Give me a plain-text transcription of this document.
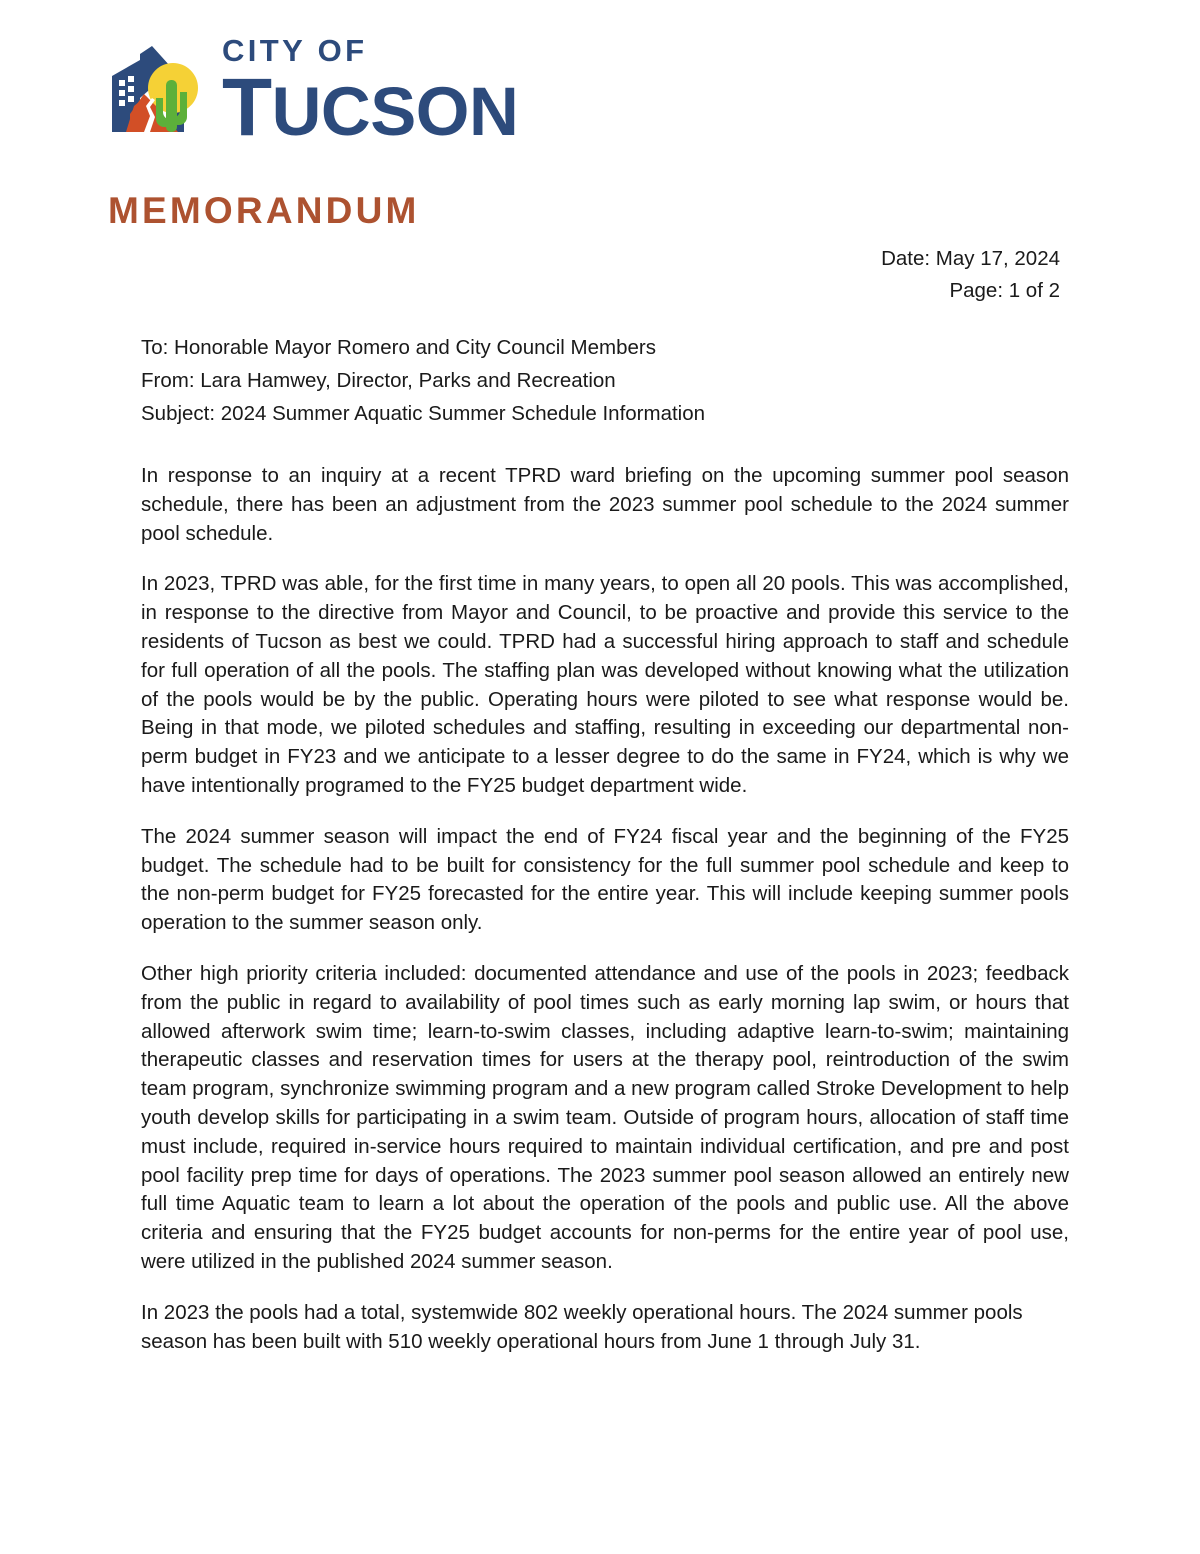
CITY OF
TUCSON
MEMORANDUM
Date: May 17, 2024
Page: 1 of 2
To: Honorable Mayor Romero and City Council Members
From: Lara Hamwey, Director, Parks and Recreation
Subject: 2024 Summer Aquatic Summer Schedule Information

In response to an inquiry at a recent TPRD ward briefing on the upcoming summer pool season schedule, there has been an adjustment from the 2023 summer pool schedule to the 2024 summer pool schedule.

In 2023, TPRD was able, for the first time in many years, to open all 20 pools. This was accomplished, in response to the directive from Mayor and Council, to be proactive and provide this service to the residents of Tucson as best we could. TPRD had a successful hiring approach to staff and schedule for full operation of all the pools. The staffing plan was developed without knowing what the utilization of the pools would be by the public. Operating hours were piloted to see what response would be. Being in that mode, we piloted schedules and staffing, resulting in exceeding our departmental non-perm budget in FY23 and we anticipate to a lesser degree to do the same in FY24, which is why we have intentionally programed to the FY25 budget department wide.

The 2024 summer season will impact the end of FY24 fiscal year and the beginning of the FY25 budget. The schedule had to be built for consistency for the full summer pool schedule and keep to the non-perm budget for FY25 forecasted for the entire year. This will include keeping summer pools operation to the summer season only.

Other high priority criteria included: documented attendance and use of the pools in 2023; feedback from the public in regard to availability of pool times such as early morning lap swim, or hours that allowed afterwork swim time; learn-to-swim classes, including adaptive learn-to-swim; maintaining therapeutic classes and reservation times for users at the therapy pool, reintroduction of the swim team program, synchronize swimming program and a new program called Stroke Development to help youth develop skills for participating in a swim team. Outside of program hours, allocation of staff time must include, required in-service hours required to maintain individual certification, and pre and post pool facility prep time for days of operations. The 2023 summer pool season allowed an entirely new full time Aquatic team to learn a lot about the operation of the pools and public use. All the above criteria and ensuring that the FY25 budget accounts for non-perms for the entire year of pool use, were utilized in the published 2024 summer season.

In 2023 the pools had a total, systemwide 802 weekly operational hours. The 2024 summer pools season has been built with 510 weekly operational hours from June 1 through July 31.
